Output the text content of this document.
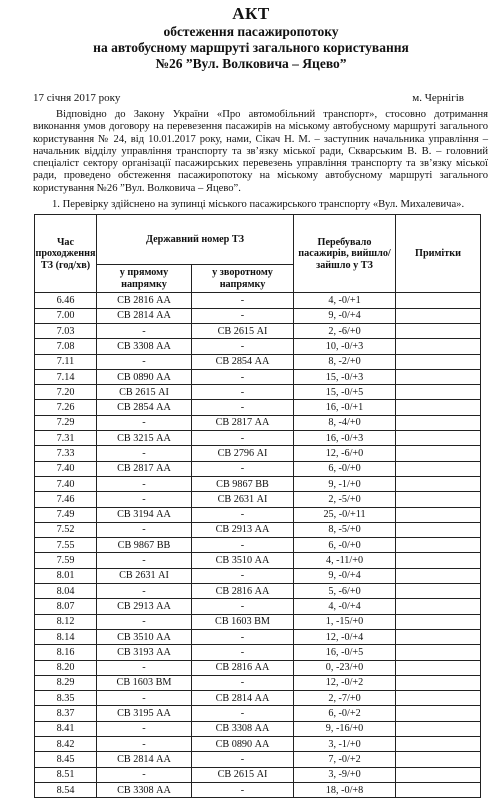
АКТ
обстеження пасажиропотоку
на автобусному маршруті загального користування
№26 ”Вул. Волковича – Яцево”
17 січня 2017 року	м. Чернігів

Відповідно до Закону України «Про автомобільний транспорт», стосовно дотримання виконання умов договору на перевезення пасажирів на міському автобусному маршруті загального користування № 24, від 10.01.2017 року, нами, Сікач Н. М. – заступник начальника управління – начальник відділу управління транспорту та зв’язку міської ради, Скварським В. В. – головний спеціаліст сектору організації пасажирських перевезень управління транспорту та зв’язку міської ради, проведено обстеження пасажиропотоку на міському автобусному маршруті загального користування №26 ”Вул. Волковича – Яцево”.

1. Перевірку здійснено на зупинці міського пасажирського транспорту «Вул. Михалевича».

Час проходження ТЗ (год/хв)	Державний номер ТЗ		Перебувало пасажирів, вийшло/зайшло у ТЗ	Примітки
	у прямому напрямку	у зворотному напрямку		
6.46	СВ 2816 АА	-	4, -0/+1	
7.00	СВ 2814 АА	-	9, -0/+4	
7.03	-	СВ 2615 АІ	2, -6/+0	
7.08	СВ 3308 АА	-	10, -0/+3	
7.11	-	СВ 2854 АА	8, -2/+0	
7.14	СВ 0890 АА	-	15, -0/+3	
7.20	СВ 2615 АІ	-	15, -0/+5	
7.26	СВ 2854 АА	-	16, -0/+1	
7.29	-	СВ 2817 АА	8, -4/+0	
7.31	СВ 3215 АА	-	16, -0/+3	
7.33	-	СВ 2796 АІ	12, -6/+0	
7.40	СВ 2817 АА	-	6, -0/+0	
7.40	-	СВ 9867 ВВ	9, -1/+0	
7.46	-	СВ 2631 АІ	2, -5/+0	
7.49	СВ 3194 АА	-	25, -0/+11	
7.52	-	СВ 2913 АА	8, -5/+0	
7.55	СВ 9867 ВВ	-	6, -0/+0	
7.59	-	СВ 3510 АА	4, -11/+0	
8.01	СВ 2631 АІ	-	9, -0/+4	
8.04	-	СВ 2816 АА	5, -6/+0	
8.07	СВ 2913 АА	-	4, -0/+4	
8.12	-	СВ 1603 ВМ	1, -15/+0	
8.14	СВ 3510 АА	-	12, -0/+4	
8.16	СВ 3193 АА	-	16, -0/+5	
8.20	-	СВ 2816 АА	0, -23/+0	
8.29	СВ 1603 ВМ	-	12, -0/+2	
8.35	-	СВ 2814 АА	2, -7/+0	
8.37	СВ 3195 АА	-	6, -0/+2	
8.41	-	СВ 3308 АА	9, -16/+0	
8.42	-	СВ 0890 АА	3, -1/+0	
8.45	СВ 2814 АА	-	7, -0/+2	
8.51	-	СВ 2615 АІ	3, -9/+0	
8.54	СВ 3308 АА	-	18, -0/+8	
